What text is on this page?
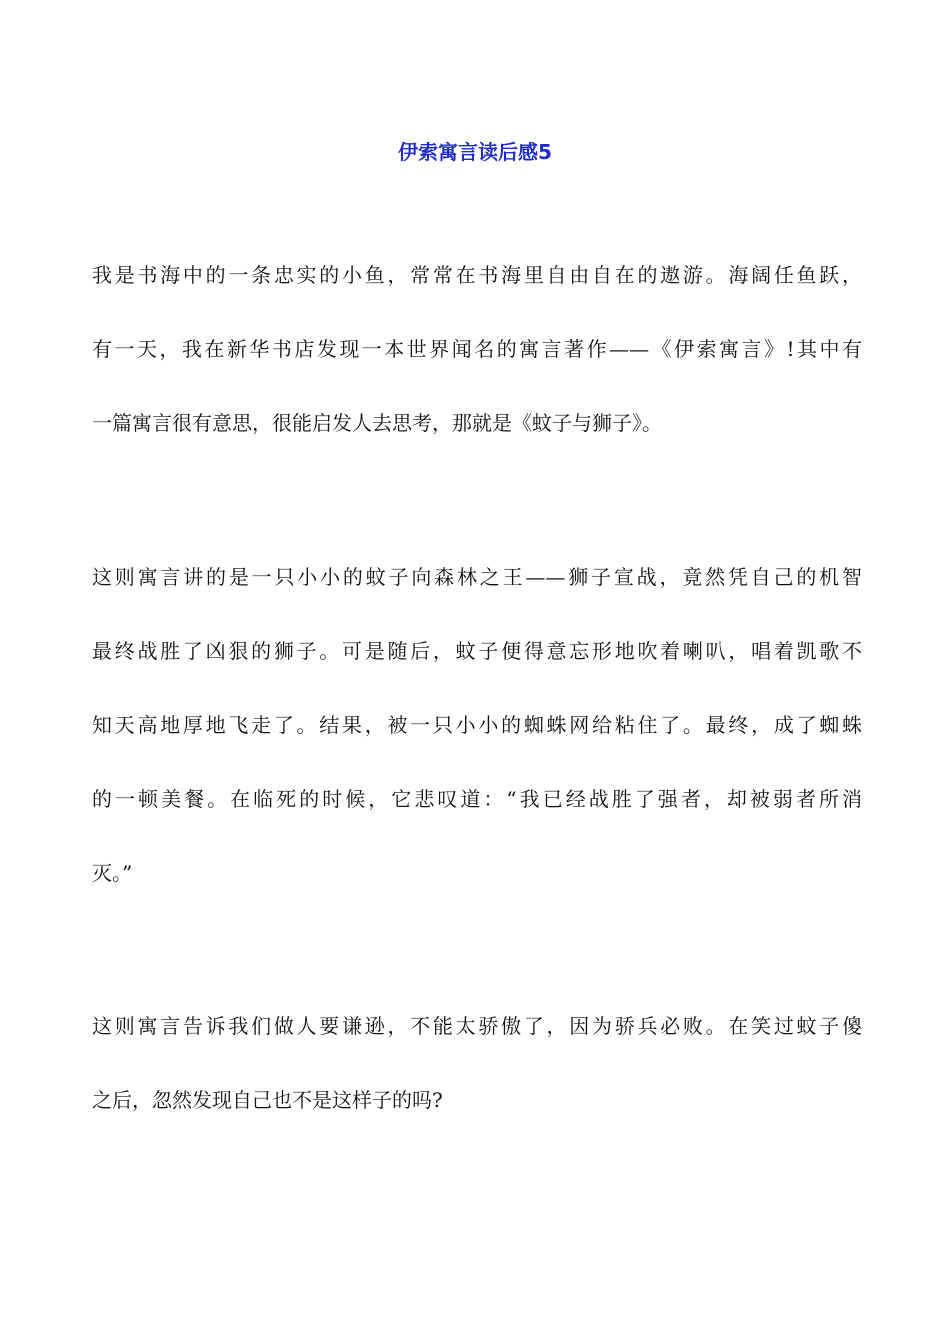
伊索寓言读后感5

我是书海中的一条忠实的小鱼，常常在书海里自由自在的遨游。海阔任鱼跃，
有一天，我在新华书店发现一本世界闻名的寓言著作——《伊索寓言》!其中有
一篇寓言很有意思，很能启发人去思考，那就是《蚊子与狮子》。

这则寓言讲的是一只小小的蚊子向森林之王——狮子宣战，竟然凭自己的机智
最终战胜了凶狠的狮子。可是随后，蚊子便得意忘形地吹着喇叭，唱着凯歌不
知天高地厚地飞走了。结果，被一只小小的蜘蛛网给粘住了。最终，成了蜘蛛
的一顿美餐。在临死的时候，它悲叹道：“我已经战胜了强者，却被弱者所消
灭。”

这则寓言告诉我们做人要谦逊，不能太骄傲了，因为骄兵必败。在笑过蚊子傻
之后，忽然发现自己也不是这样子的吗?
